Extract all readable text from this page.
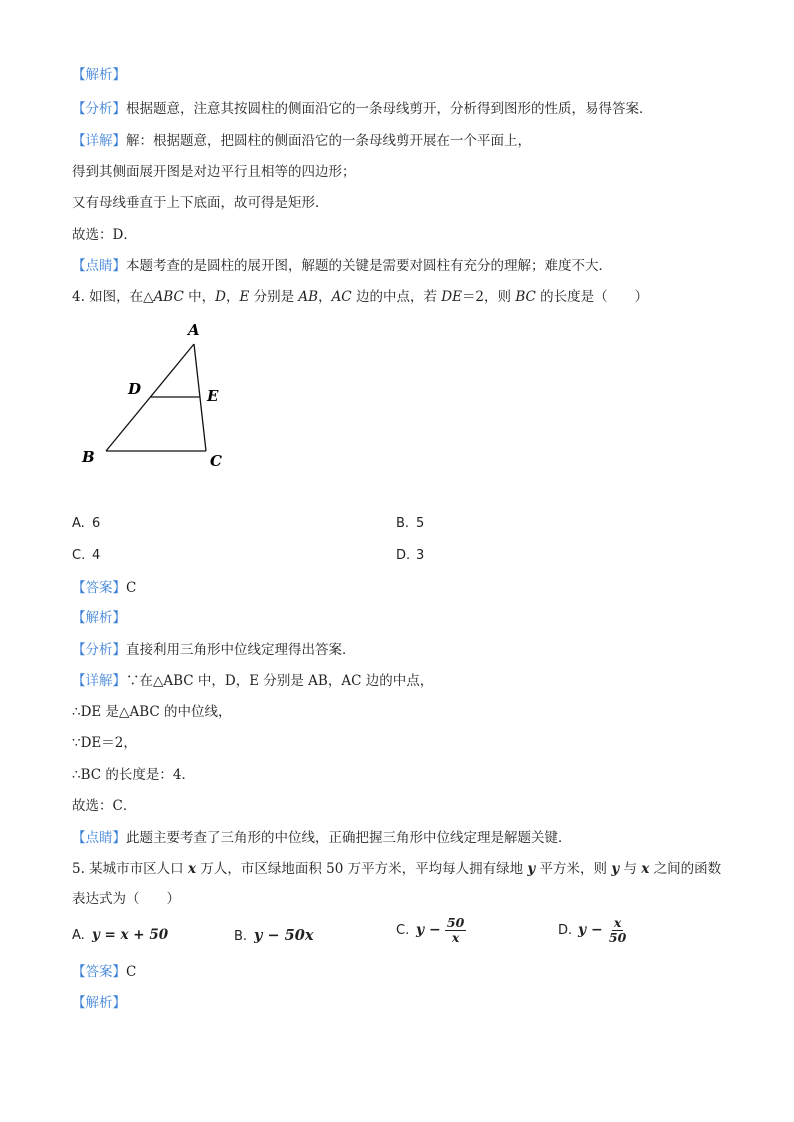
【解析】
【分析】根据题意，注意其按圆柱的侧面沿它的一条母线剪开，分析得到图形的性质，易得答案．
【详解】解：根据题意，把圆柱的侧面沿它的一条母线剪开展在一个平面上，
得到其侧面展开图是对边平行且相等的四边形；
又有母线垂直于上下底面，故可得是矩形．
故选：D．
【点睛】本题考查的是圆柱的展开图，解题的关键是需要对圆柱有充分的理解；难度不大．
4. 如图，在△ABC 中，D，E 分别是 AB，AC 边的中点，若 DE＝2，则 BC 的长度是（　　）
A
D	E
B	C
A. 6	B. 5
C. 4	D. 3
【答案】C
【解析】
【分析】直接利用三角形中位线定理得出答案．
【详解】∵在△ABC 中，D，E 分别是 AB，AC 边的中点，
∴DE 是△ABC 的中位线，
∵DE＝2，
∴BC 的长度是：4．
故选：C．
【点睛】此题主要考查了三角形的中位线，正确把握三角形中位线定理是解题关键．
5. 某城市市区人口 x 万人，市区绿地面积 50 万平方米，平均每人拥有绿地 y 平方米，则 y 与 x 之间的函数
表达式为（　　）
A. y = x + 50	B. y − 50x	C. $y - \frac{50}{x}$	D. $y - \frac{x}{50}$
【答案】C
【解析】
